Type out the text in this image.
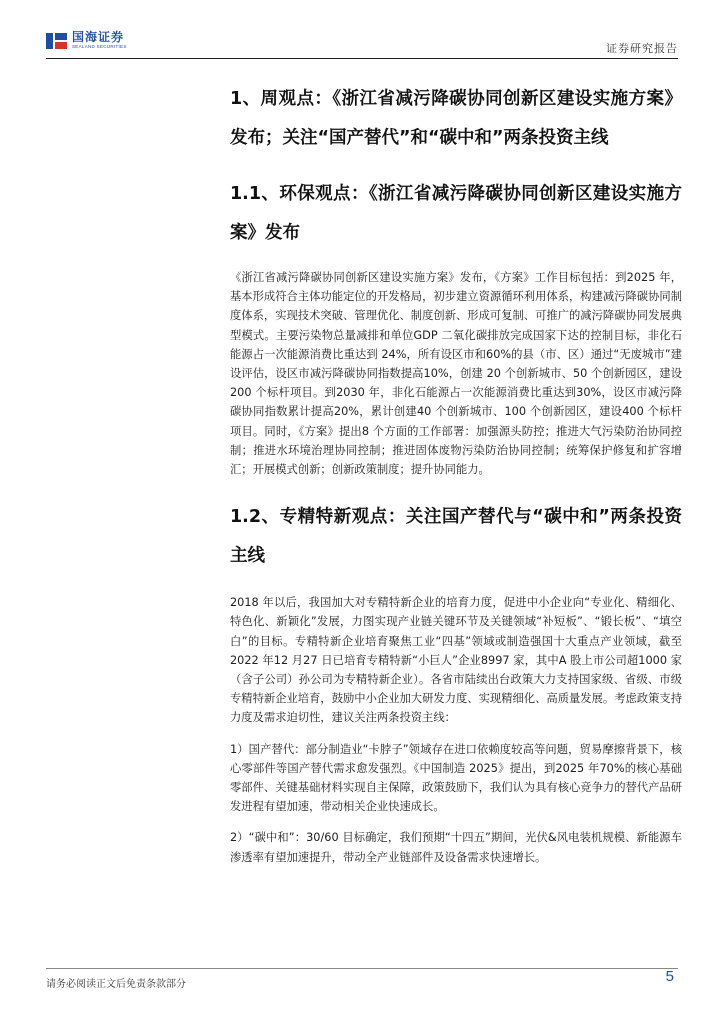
国海证券
SEALAND SECURITIES	证券研究报告
1、周观点：《浙江省减污降碳协同创新区建设实施方案》发布；关注“国产替代”和“碳中和”两条投资主线
1.1、环保观点：《浙江省减污降碳协同创新区建设实施方案》发布

《浙江省减污降碳协同创新区建设实施方案》发布，《方案》工作目标包括：到2025 年，基本形成符合主体功能定位的开发格局，初步建立资源循环利用体系，构建减污降碳协同制度体系，实现技术突破、管理优化、制度创新、形成可复制、可推广的减污降碳协同发展典型模式。主要污染物总量减排和单位GDP 二氧化碳排放完成国家下达的控制目标，非化石能源占一次能源消费比重达到 24%，所有设区市和60%的县（市、区）通过“无废城市”建设评估，设区市减污降碳协同指数提高10%，创建 20 个创新城市、50 个创新园区，建设200 个标杆项目。到2030 年，非化石能源占一次能源消费比重达到30%，设区市减污降碳协同指数累计提高20%，累计创建40 个创新城市、100 个创新园区，建设400 个标杆项目。同时，《方案》提出8 个方面的工作部署：加强源头防控；推进大气污染防治协同控制；推进水环境治理协同控制；推进固体废物污染防治协同控制；统筹保护修复和扩容增汇；开展模式创新；创新政策制度；提升协同能力。

1.2、专精特新观点：关注国产替代与“碳中和”两条投资主线

2018 年以后，我国加大对专精特新企业的培育力度，促进中小企业向“专业化、精细化、特色化、新颖化”发展，力图实现产业链关键环节及关键领域“补短板”、“锻长板”、“填空白”的目标。专精特新企业培育聚焦工业“四基”领域或制造强国十大重点产业领域，截至2022 年12 月27 日已培育专精特新“小巨人”企业8997 家，其中A 股上市公司超1000 家（含子公司）孙公司为专精特新企业）。各省市陆续出台政策大力支持国家级、省级、市级专精特新企业培育，鼓励中小企业加大研发力度、实现精细化、高质量发展。考虑政策支持力度及需求迫切性，建议关注两条投资主线：

1）国产替代：部分制造业“卡脖子”领域存在进口依赖度较高等问题，贸易摩擦背景下，核心零部件等国产替代需求愈发强烈。《中国制造 2025》提出，到2025 年70%的核心基础零部件、关键基础材料实现自主保障，政策鼓励下，我们认为具有核心竞争力的替代产品研发进程有望加速，带动相关企业快速成长。

2）“碳中和”：30/60 目标确定，我们预期“十四五”期间，光伏&风电装机规模、新能源车渗透率有望加速提升，带动全产业链部件及设备需求快速增长。

请务必阅读正文后免责条款部分	5
